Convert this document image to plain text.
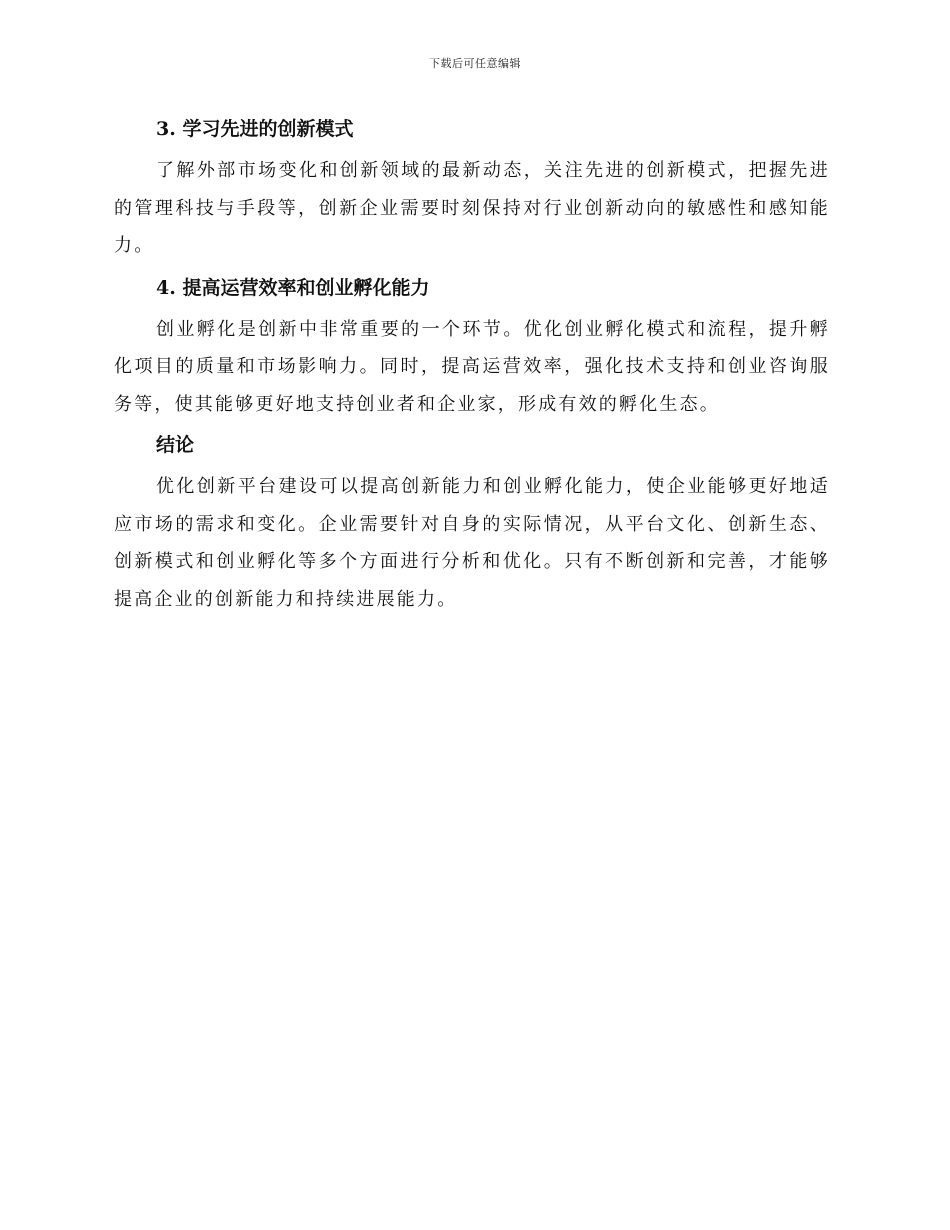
下载后可任意编辑
3. 学习先进的创新模式

了解外部市场变化和创新领域的最新动态，关注先进的创新模式，把握先进的管理科技与手段等，创新企业需要时刻保持对行业创新动向的敏感性和感知能力。

4. 提高运营效率和创业孵化能力

创业孵化是创新中非常重要的一个环节。优化创业孵化模式和流程，提升孵化项目的质量和市场影响力。同时，提高运营效率，强化技术支持和创业咨询服务等，使其能够更好地支持创业者和企业家，形成有效的孵化生态。

结论

优化创新平台建设可以提高创新能力和创业孵化能力，使企业能够更好地适应市场的需求和变化。企业需要针对自身的实际情况，从平台文化、创新生态、创新模式和创业孵化等多个方面进行分析和优化。只有不断创新和完善，才能够提高企业的创新能力和持续进展能力。
